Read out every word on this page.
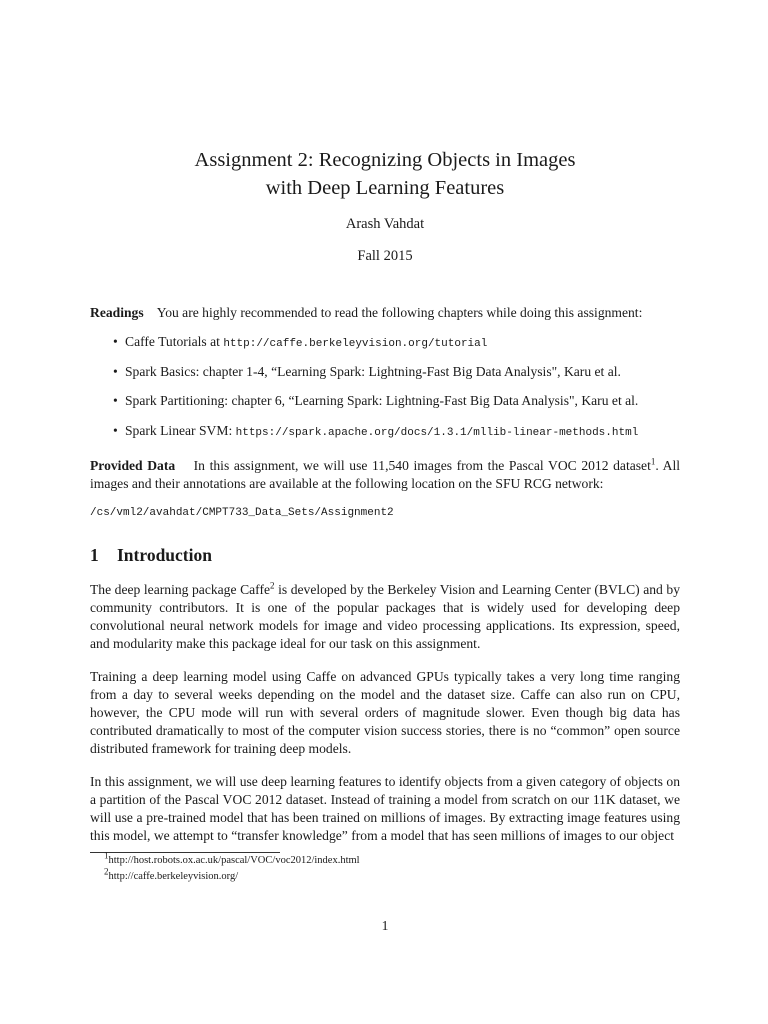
Assignment 2: Recognizing Objects in Images
with Deep Learning Features
Arash Vahdat
Fall 2015
Readings You are highly recommended to read the following chapters while doing this assignment:
• Caffe Tutorials at http://caffe.berkeleyvision.org/tutorial
• Spark Basics: chapter 1-4, “Learning Spark: Lightning-Fast Big Data Analysis", Karu et al.
• Spark Partitioning: chapter 6, “Learning Spark: Lightning-Fast Big Data Analysis", Karu et al.
• Spark Linear SVM: https://spark.apache.org/docs/1.3.1/mllib-linear-methods.html
Provided Data In this assignment, we will use 11,540 images from the Pascal VOC 2012 dataset$^1$. All images and their annotations are available at the following location on the SFU RCG network:
/cs/vml2/avahdat/CMPT733_Data_Sets/Assignment2
1 Introduction
The deep learning package Caffe$^2$ is developed by the Berkeley Vision and Learning Center (BVLC) and by community contributors. It is one of the popular packages that is widely used for developing deep convolutional neural network models for image and video processing applications. Its expression, speed, and modularity make this package ideal for our task on this assignment.
Training a deep learning model using Caffe on advanced GPUs typically takes a very long time ranging from a day to several weeks depending on the model and the dataset size. Caffe can also run on CPU, however, the CPU mode will run with several orders of magnitude slower. Even though big data has contributed dramatically to most of the computer vision success stories, there is no “common” open source distributed framework for training deep models.
In this assignment, we will use deep learning features to identify objects from a given category of objects on a partition of the Pascal VOC 2012 dataset. Instead of training a model from scratch on our 11K dataset, we will use a pre-trained model that has been trained on millions of images. By extracting image features using this model, we attempt to “transfer knowledge” from a model that has seen millions of images to our object
$^1$http://host.robots.ox.ac.uk/pascal/VOC/voc2012/index.html
$^2$http://caffe.berkeleyvision.org/
1
